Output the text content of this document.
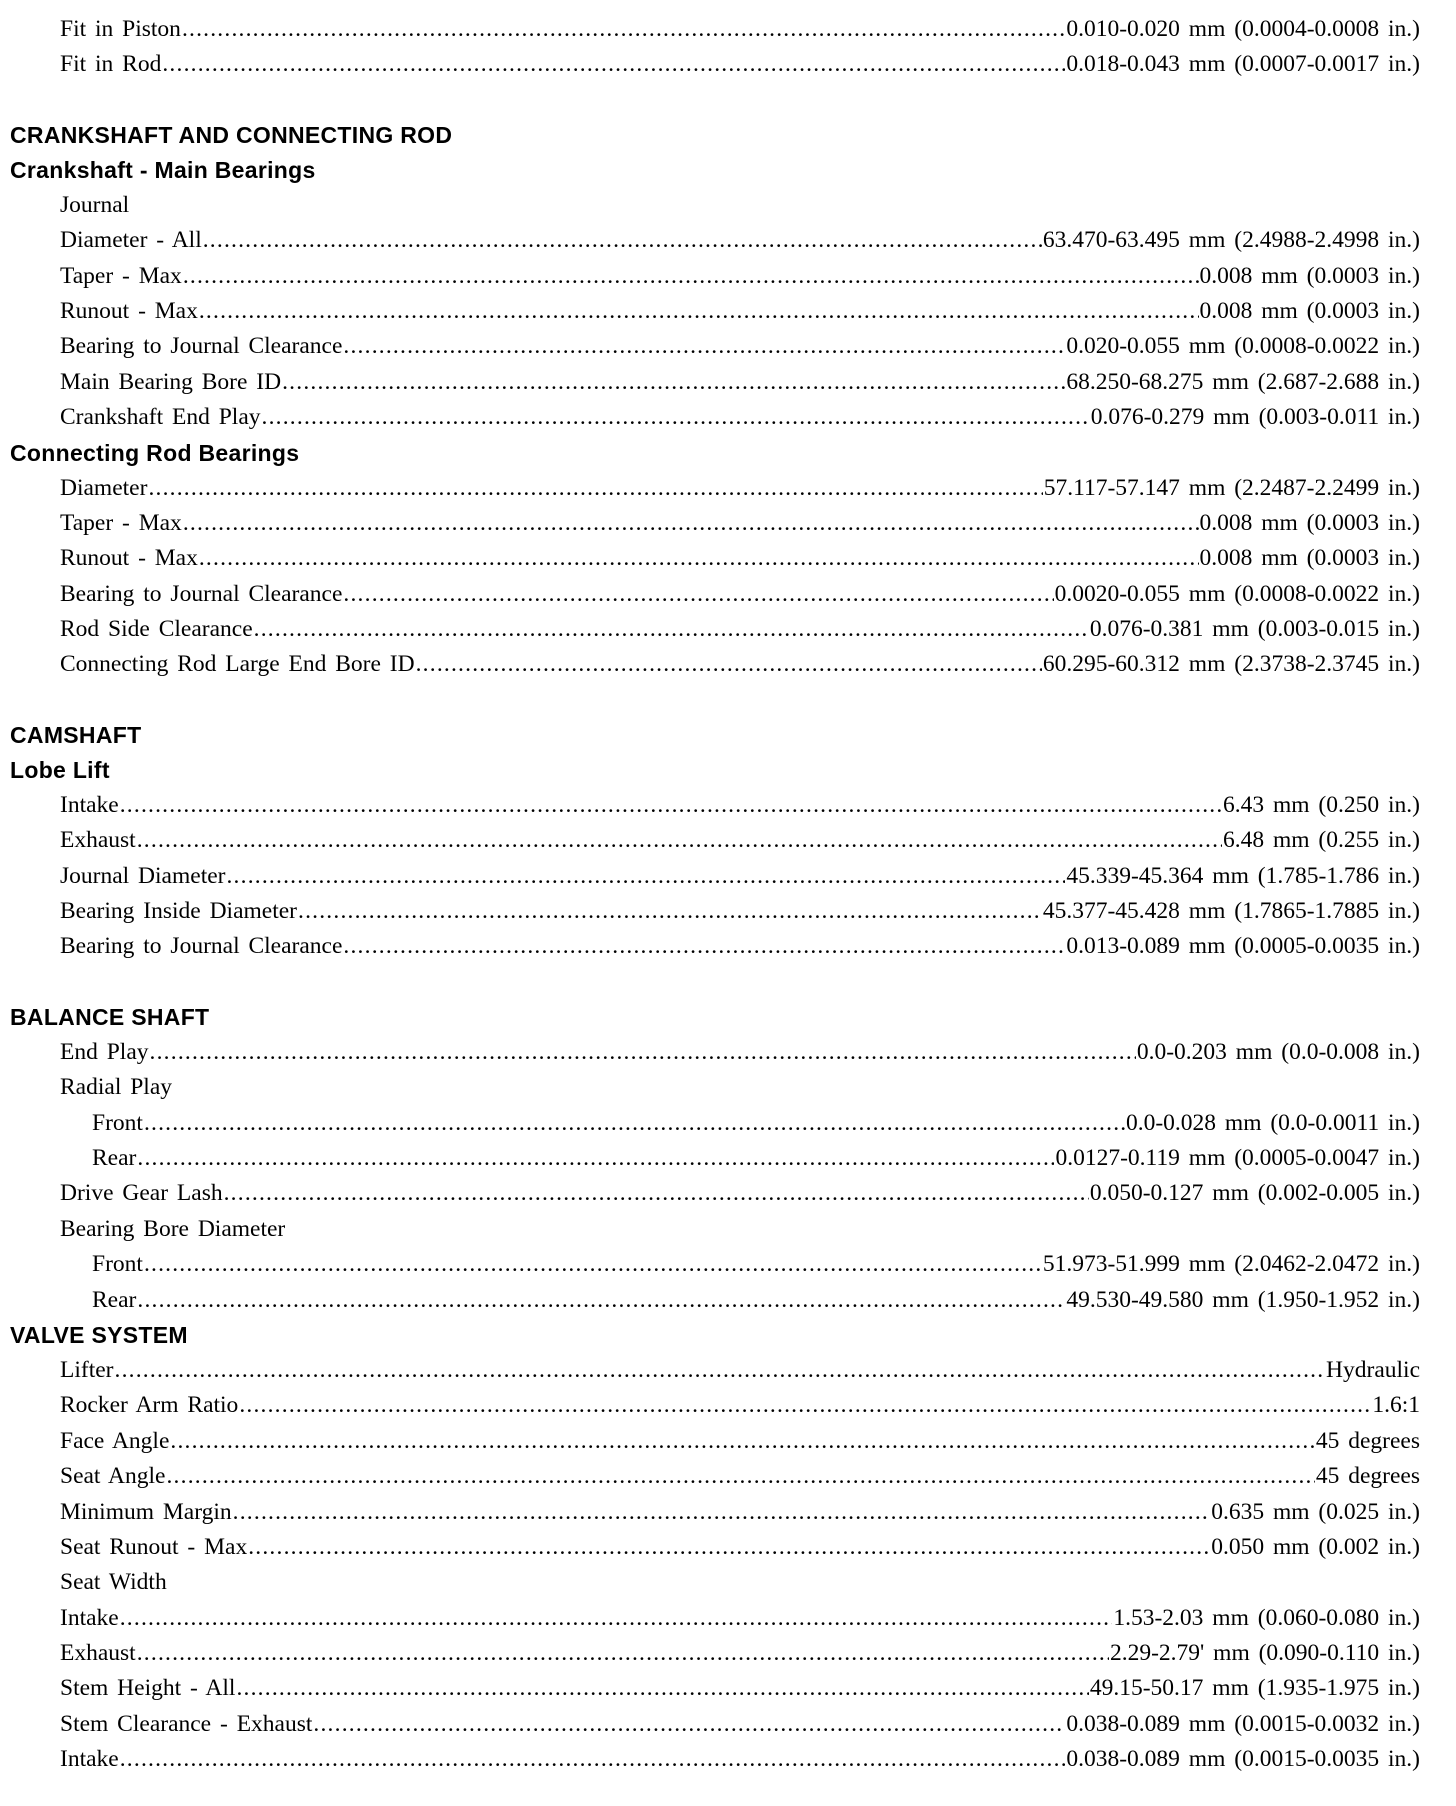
Fit in Piston .....	0.010-0.020 mm (0.0004-0.0008 in.)
Fit in Rod .....	0.018-0.043 mm (0.0007-0.0017 in.)
CRANKSHAFT AND CONNECTING ROD
Crankshaft - Main Bearings
Journal
Diameter - All .....	63.470-63.495 mm (2.4988-2.4998 in.)
Taper - Max .....	0.008 mm (0.0003 in.)
Runout - Max .....	0.008 mm (0.0003 in.)
Bearing to Journal Clearance .....	0.020-0.055 mm (0.0008-0.0022 in.)
Main Bearing Bore ID .....	68.250-68.275 mm (2.687-2.688 in.)
Crankshaft End Play .....	0.076-0.279 mm (0.003-0.011 in.)
Connecting Rod Bearings
Diameter .....	57.117-57.147 mm (2.2487-2.2499 in.)
Taper - Max .....	0.008 mm (0.0003 in.)
Runout - Max .....	0.008 mm (0.0003 in.)
Bearing to Journal Clearance .....	0.0020-0.055 mm (0.0008-0.0022 in.)
Rod Side Clearance .....	0.076-0.381 mm (0.003-0.015 in.)
Connecting Rod Large End Bore ID .....	60.295-60.312 mm (2.3738-2.3745 in.)
CAMSHAFT
Lobe Lift
Intake .....	6.43 mm (0.250 in.)
Exhaust .....	6.48 mm (0.255 in.)
Journal Diameter .....	45.339-45.364 mm (1.785-1.786 in.)
Bearing Inside Diameter .....	45.377-45.428 mm (1.7865-1.7885 in.)
Bearing to Journal Clearance .....	0.013-0.089 mm (0.0005-0.0035 in.)
BALANCE SHAFT
End Play .....	0.0-0.203 mm (0.0-0.008 in.)
Radial Play
Front .....	0.0-0.028 mm (0.0-0.0011 in.)
Rear .....	0.0127-0.119 mm (0.0005-0.0047 in.)
Drive Gear Lash .....	0.050-0.127 mm (0.002-0.005 in.)
Bearing Bore Diameter
Front .....	51.973-51.999 mm (2.0462-2.0472 in.)
Rear .....	49.530-49.580 mm (1.950-1.952 in.)
VALVE SYSTEM
Lifter .....	Hydraulic
Rocker Arm Ratio .....	1.6:1
Face Angle .....	45 degrees
Seat Angle .....	45 degrees
Minimum Margin .....	0.635 mm (0.025 in.)
Seat Runout - Max .....	0.050 mm (0.002 in.)
Seat Width
Intake .....	1.53-2.03 mm (0.060-0.080 in.)
Exhaust .....	2.29-2.79' mm (0.090-0.110 in.)
Stem Height - All .....	49.15-50.17 mm (1.935-1.975 in.)
Stem Clearance - Exhaust .....	0.038-0.089 mm (0.0015-0.0032 in.)
Intake .....	0.038-0.089 mm (0.0015-0.0035 in.)
